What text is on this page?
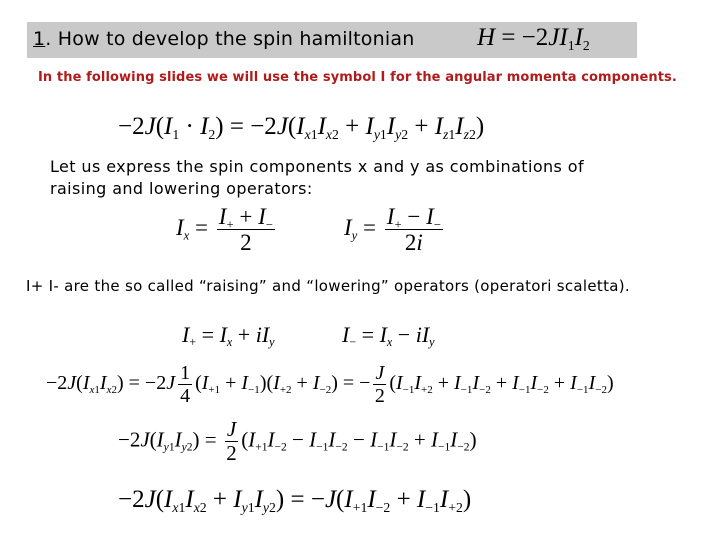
1. How to develop the spin hamiltonian	$H = -2JI_1I_2$
In the following slides we will use the symbol I for the angular momenta components.
$-2J(I_1 \cdot I_2) = -2J(I_{x1}I_{x2} + I_{y1}I_{y2} + I_{z1}I_{z2})$
Let us express the spin components x and y as combinations of
raising and lowering operators:
$I_x = \frac{I_+ + I_-}{2}$	$I_y = \frac{I_+ - I_-}{2i}$
I+ I- are the so called “raising” and “lowering” operators (operatori scaletta).
$I_+ = I_x + iI_y$	$I_- = I_x - iI_y$
$-2J(I_{x1}I_{x2}) = -2J \frac{1}{4} (I_{+1} + I_{-1})(I_{+2} + I_{-2})$ = − $\frac{J}{2} (I_{-1}I_{+2} + I_{-1}I_{-2} + I_{-1}I_{-2} + I_{-1}I_{-2})$
$-2J(I_{y1}I_{y2}) = \frac{J}{2} (I_{+1}I_{-2} - I_{-1}I_{-2} - I_{-1}I_{-2} + I_{-1}I_{-2})$
$-2J(I_{x1}I_{x2} + I_{y1}I_{y2}) = -J(I_{+1}I_{-2} + I_{-1}I_{+2})$
